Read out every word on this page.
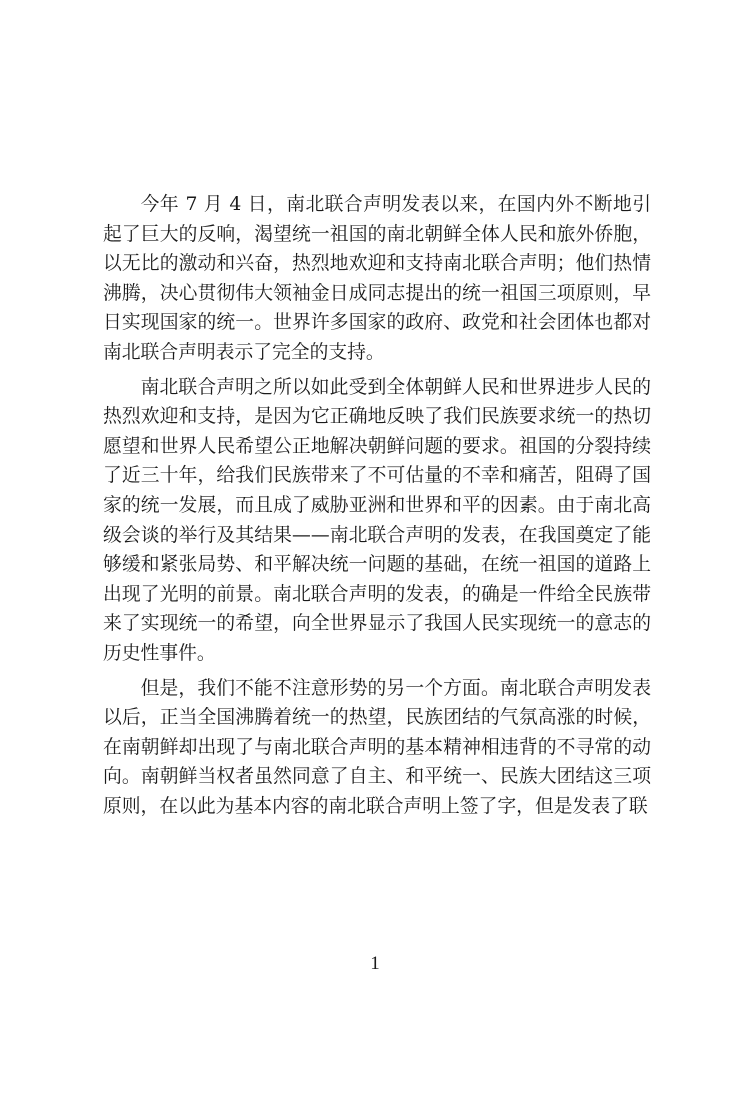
今年 7 月 4 日，南北联合声明发表以来，在国内外不断地引起了巨大的反响，渴望统一祖国的南北朝鲜全体人民和旅外侨胞，以无比的激动和兴奋，热烈地欢迎和支持南北联合声明；他们热情沸腾，决心贯彻伟大领袖金日成同志提出的统一祖国三项原则，早日实现国家的统一。世界许多国家的政府、政党和社会团体也都对南北联合声明表示了完全的支持。

南北联合声明之所以如此受到全体朝鲜人民和世界进步人民的热烈欢迎和支持，是因为它正确地反映了我们民族要求统一的热切愿望和世界人民希望公正地解决朝鲜问题的要求。祖国的分裂持续了近三十年，给我们民族带来了不可估量的不幸和痛苦，阻碍了国家的统一发展，而且成了威胁亚洲和世界和平的因素。由于南北高级会谈的举行及其结果——南北联合声明的发表，在我国奠定了能够缓和紧张局势、和平解决统一问题的基础，在统一祖国的道路上出现了光明的前景。南北联合声明的发表，的确是一件给全民族带来了实现统一的希望，向全世界显示了我国人民实现统一的意志的历史性事件。

但是，我们不能不注意形势的另一个方面。南北联合声明发表以后，正当全国沸腾着统一的热望，民族团结的气氛高涨的时候，在南朝鲜却出现了与南北联合声明的基本精神相违背的不寻常的动向。南朝鲜当权者虽然同意了自主、和平统一、民族大团结这三项原则，在以此为基本内容的南北联合声明上签了字，但是发表了联

1
